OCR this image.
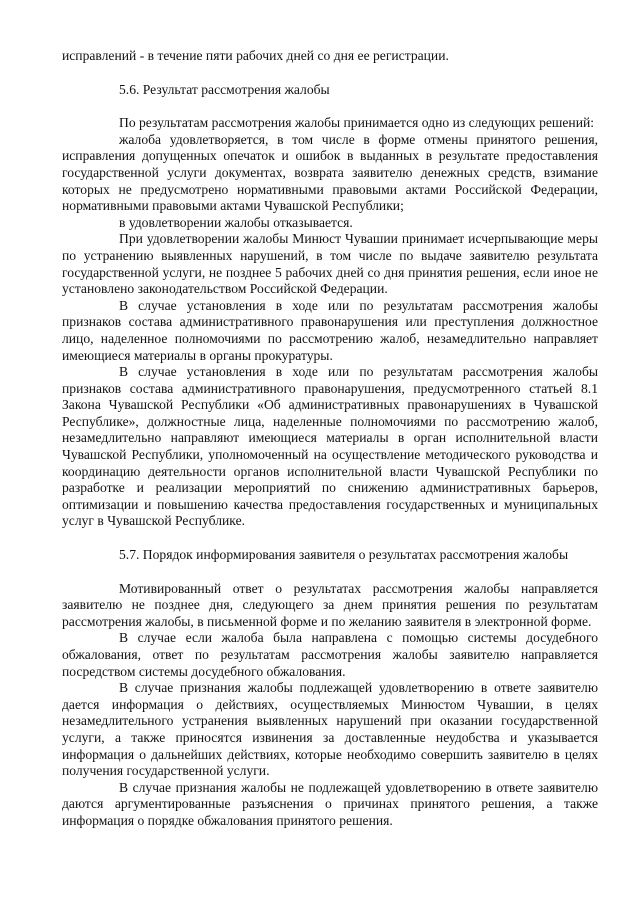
исправлений - в течение пяти рабочих дней со дня ее регистрации.

5.6. Результат рассмотрения жалобы

По результатам рассмотрения жалобы принимается одно из следующих решений:

жалоба удовлетворяется, в том числе в форме отмены принятого решения, исправления допущенных опечаток и ошибок в выданных в результате предоставления государственной услуги документах, возврата заявителю денежных средств, взимание которых не предусмотрено нормативными правовыми актами Российской Федерации, нормативными правовыми актами Чувашской Республики;

в удовлетворении жалобы отказывается.

При удовлетворении жалобы Минюст Чувашии принимает исчерпывающие меры по устранению выявленных нарушений, в том числе по выдаче заявителю результата государственной услуги, не позднее 5 рабочих дней со дня принятия решения, если иное не установлено законодательством Российской Федерации.

В случае установления в ходе или по результатам рассмотрения жалобы признаков состава административного правонарушения или преступления должностное лицо, наделенное полномочиями по рассмотрению жалоб, незамедлительно направляет имеющиеся материалы в органы прокуратуры.

В случае установления в ходе или по результатам рассмотрения жалобы признаков состава административного правонарушения, предусмотренного статьей 8.1 Закона Чувашской Республики «Об административных правонарушениях в Чувашской Республике», должностные лица, наделенные полномочиями по рассмотрению жалоб, незамедлительно направляют имеющиеся материалы в орган исполнительной власти Чувашской Республики, уполномоченный на осуществление методического руководства и координацию деятельности органов исполнительной власти Чувашской Республики по разработке и реализации мероприятий по снижению административных барьеров, оптимизации и повышению качества предоставления государственных и муниципальных услуг в Чувашской Республике.

5.7. Порядок информирования заявителя о результатах рассмотрения жалобы

Мотивированный ответ о результатах рассмотрения жалобы направляется заявителю не позднее дня, следующего за днем принятия решения по результатам рассмотрения жалобы, в письменной форме и по желанию заявителя в электронной форме.

В случае если жалоба была направлена с помощью системы досудебного обжалования, ответ по результатам рассмотрения жалобы заявителю направляется посредством системы досудебного обжалования.

В случае признания жалобы подлежащей удовлетворению в ответе заявителю дается информация о действиях, осуществляемых Минюстом Чувашии, в целях незамедлительного устранения выявленных нарушений при оказании государственной услуги, а также приносятся извинения за доставленные неудобства и указывается информация о дальнейших действиях, которые необходимо совершить заявителю в целях получения государственной услуги.

В случае признания жалобы не подлежащей удовлетворению в ответе заявителю даются аргументированные разъяснения о причинах принятого решения, а также информация о порядке обжалования принятого решения.
